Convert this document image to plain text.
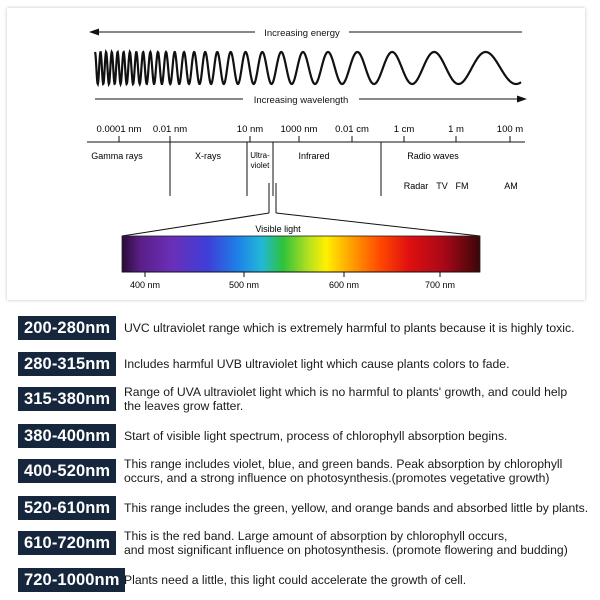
Increasing energy
Increasing wavelength
0.0001 nm 0.01 nm	10 nm 1000 nm 0.01 cm	1 cm	1 m	100 m
Gamma rays	X-rays	Ultra-
violet
Infrared	Radio waves
Radar TV FM	AM
Visible light
400 nm	500 nm	600 nm	700 nm
200-280nm	UVC ultraviolet range which is extremely harmful to plants because it is highly toxic.
280-315nm	Includes harmful UVB ultraviolet light which cause plants colors to fade.
315-380nm	Range of UVA ultraviolet light which is no harmful to plants' growth, and could help
the leaves grow fatter.
380-400nm	Start of visible light spectrum, process of chlorophyll absorption begins.
400-520nm	This range includes violet, blue, and green bands. Peak absorption by chlorophyll
occurs, and a strong influence on photosynthesis.(promotes vegetative growth)
520-610nm	This range includes the green, yellow, and orange bands and absorbed little by plants.
610-720nm	This is the red band. Large amount of absorption by chlorophyll occurs,
and most significant influence on photosynthesis. (promote flowering and budding)
720-1000nm Plants need a little, this light could accelerate the growth of cell.
